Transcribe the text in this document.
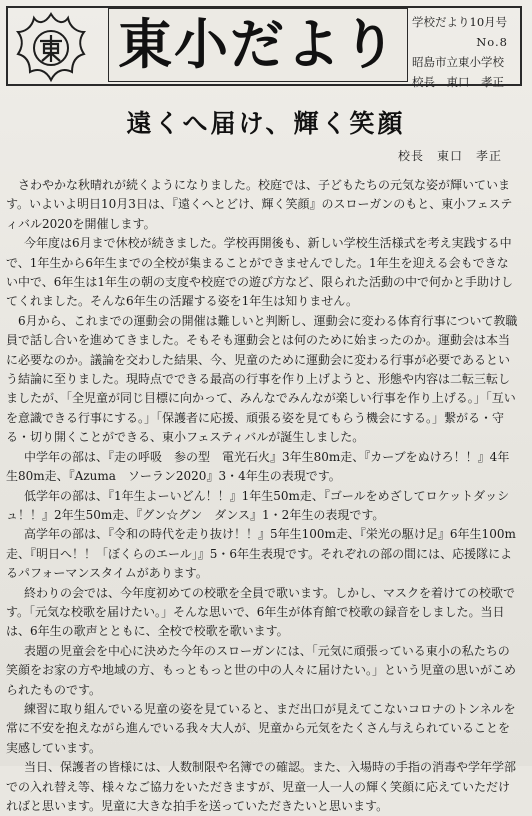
東小だより 学校だより10月号
No.8
昭島市立東小学校
校長　東口　孝正
遠くへ届け、輝く笑顔
校長　東口　孝正

さわやかな秋晴れが続くようになりました。校庭では、子どもたちの元気な姿が輝いています。いよいよ明日10月3日は、『遠くへとどけ、輝く笑顔』のスローガンのもと、東小フェスティバル2020を開催します。

今年度は6月まで休校が続きました。学校再開後も、新しい学校生活様式を考え実践する中で、1年生から6年生までの全校が集まることができませんでした。1年生を迎える会もできない中で、6年生は1年生の朝の支度や校庭での遊び方など、限られた活動の中で何かと手助けしてくれました。そんな6年生の活躍する姿を1年生は知りません。

6月から、これまでの運動会の開催は難しいと判断し、運動会に変わる体育行事について教職員で話し合いを進めてきました。そもそも運動会とは何のために始まったのか。運動会は本当に必要なのか。議論を交わした結果、今、児童のために運動会に変わる行事が必要であるという結論に至りました。現時点でできる最高の行事を作り上げようと、形態や内容は二転三転しましたが、「全児童が同じ目標に向かって、みんなでみんなが楽しい行事を作り上げる。」「互いを意識できる行事にする。」「保護者に応援、頑張る姿を見てもらう機会にする。」繋がる・守る・切り開くことができる、東小フェスティバルが誕生しました。

中学年の部は、『走の呼吸　参の型　電光石火』3年生80m走、『カーブをぬけろ！！』4年生80m走、『Azuma　ソーラン2020』3・4年生の表現です。

低学年の部は、『1年生よーいどん！！』1年生50m走、『ゴールをめざしてロケットダッシュ！！』2年生50m走、『グン☆グン　ダンス』1・2年生の表現です。

高学年の部は、『令和の時代を走り抜け！！』5年生100m走、『栄光の駆け足』6年生100m走、『明日へ！！「ぼくらのエール」』5・6年生表現です。それぞれの部の間には、応援隊によるパフォーマンスタイムがあります。

終わりの会では、今年度初めての校歌を全員で歌います。しかし、マスクを着けての校歌です。「元気な校歌を届けたい。」そんな思いで、6年生が体育館で校歌の録音をしました。当日は、6年生の歌声とともに、全校で校歌を歌います。

表題の児童会を中心に決めた今年のスローガンには、「元気に頑張っている東小の私たちの笑顔をお家の方や地域の方、もっともっと世の中の人々に届けたい。」という児童の思いがこめられたものです。

練習に取り組んでいる児童の姿を見ていると、まだ出口が見えてこないコロナのトンネルを常に不安を抱えながら進んでいる我々大人が、児童から元気をたくさん与えられていることを実感しています。

当日、保護者の皆様には、人数制限や名簿での確認。また、入場時の手指の消毒や学年学部での入れ替え等、様々なご協力をいただきますが、児童一人一人の輝く笑顔に応えていただければと思います。児童に大きな拍手を送っていただきたいと思います。
